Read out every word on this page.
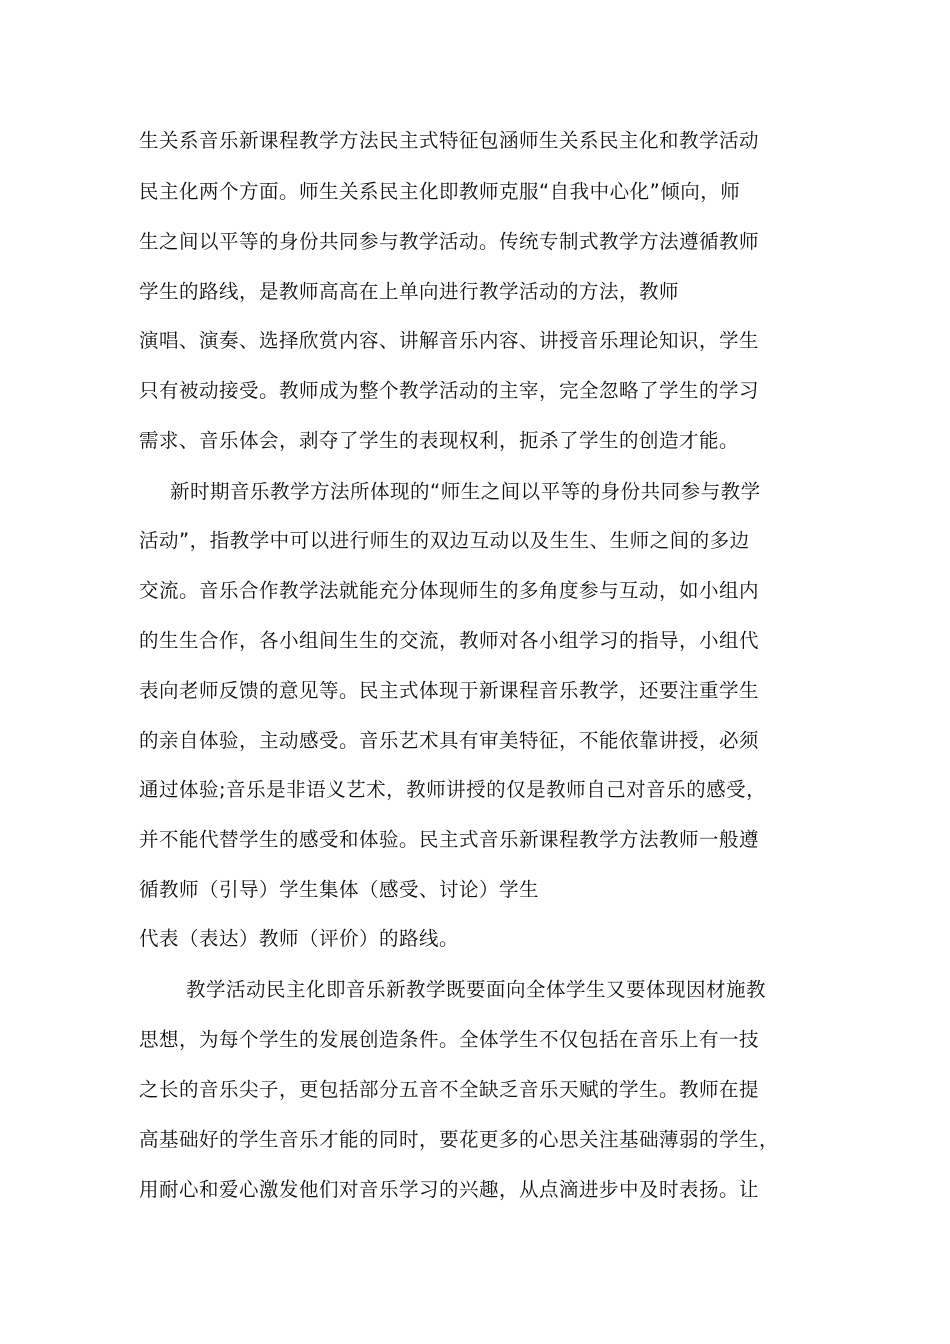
生关系音乐新课程教学方法民主式特征包涵师生关系民主化和教学活动
民主化两个方面。师生关系民主化即教师克服“自我中心化”倾向，师
生之间以平等的身份共同参与教学活动。传统专制式教学方法遵循教师
学生的路线，是教师高高在上单向进行教学活动的方法，教师
演唱、演奏、选择欣赏内容、讲解音乐内容、讲授音乐理论知识，学生
只有被动接受。教师成为整个教学活动的主宰，完全忽略了学生的学习
需求、音乐体会，剥夺了学生的表现权利，扼杀了学生的创造才能。
新时期音乐教学方法所体现的“师生之间以平等的身份共同参与教学
活动”，指教学中可以进行师生的双边互动以及生生、生师之间的多边
交流。音乐合作教学法就能充分体现师生的多角度参与互动，如小组内
的生生合作，各小组间生生的交流，教师对各小组学习的指导，小组代
表向老师反馈的意见等。民主式体现于新课程音乐教学，还要注重学生
的亲自体验，主动感受。音乐艺术具有审美特征，不能依靠讲授，必须
通过体验;音乐是非语义艺术，教师讲授的仅是教师自己对音乐的感受，
并不能代替学生的感受和体验。民主式音乐新课程教学方法教师一般遵
循教师（引导）学生集体（感受、讨论）学生
代表（表达）教师（评价）的路线。
教学活动民主化即音乐新教学既要面向全体学生又要体现因材施教
思想，为每个学生的发展创造条件。全体学生不仅包括在音乐上有一技
之长的音乐尖子，更包括部分五音不全缺乏音乐天赋的学生。教师在提
高基础好的学生音乐才能的同时，要花更多的心思关注基础薄弱的学生，
用耐心和爱心激发他们对音乐学习的兴趣，从点滴进步中及时表扬。让
